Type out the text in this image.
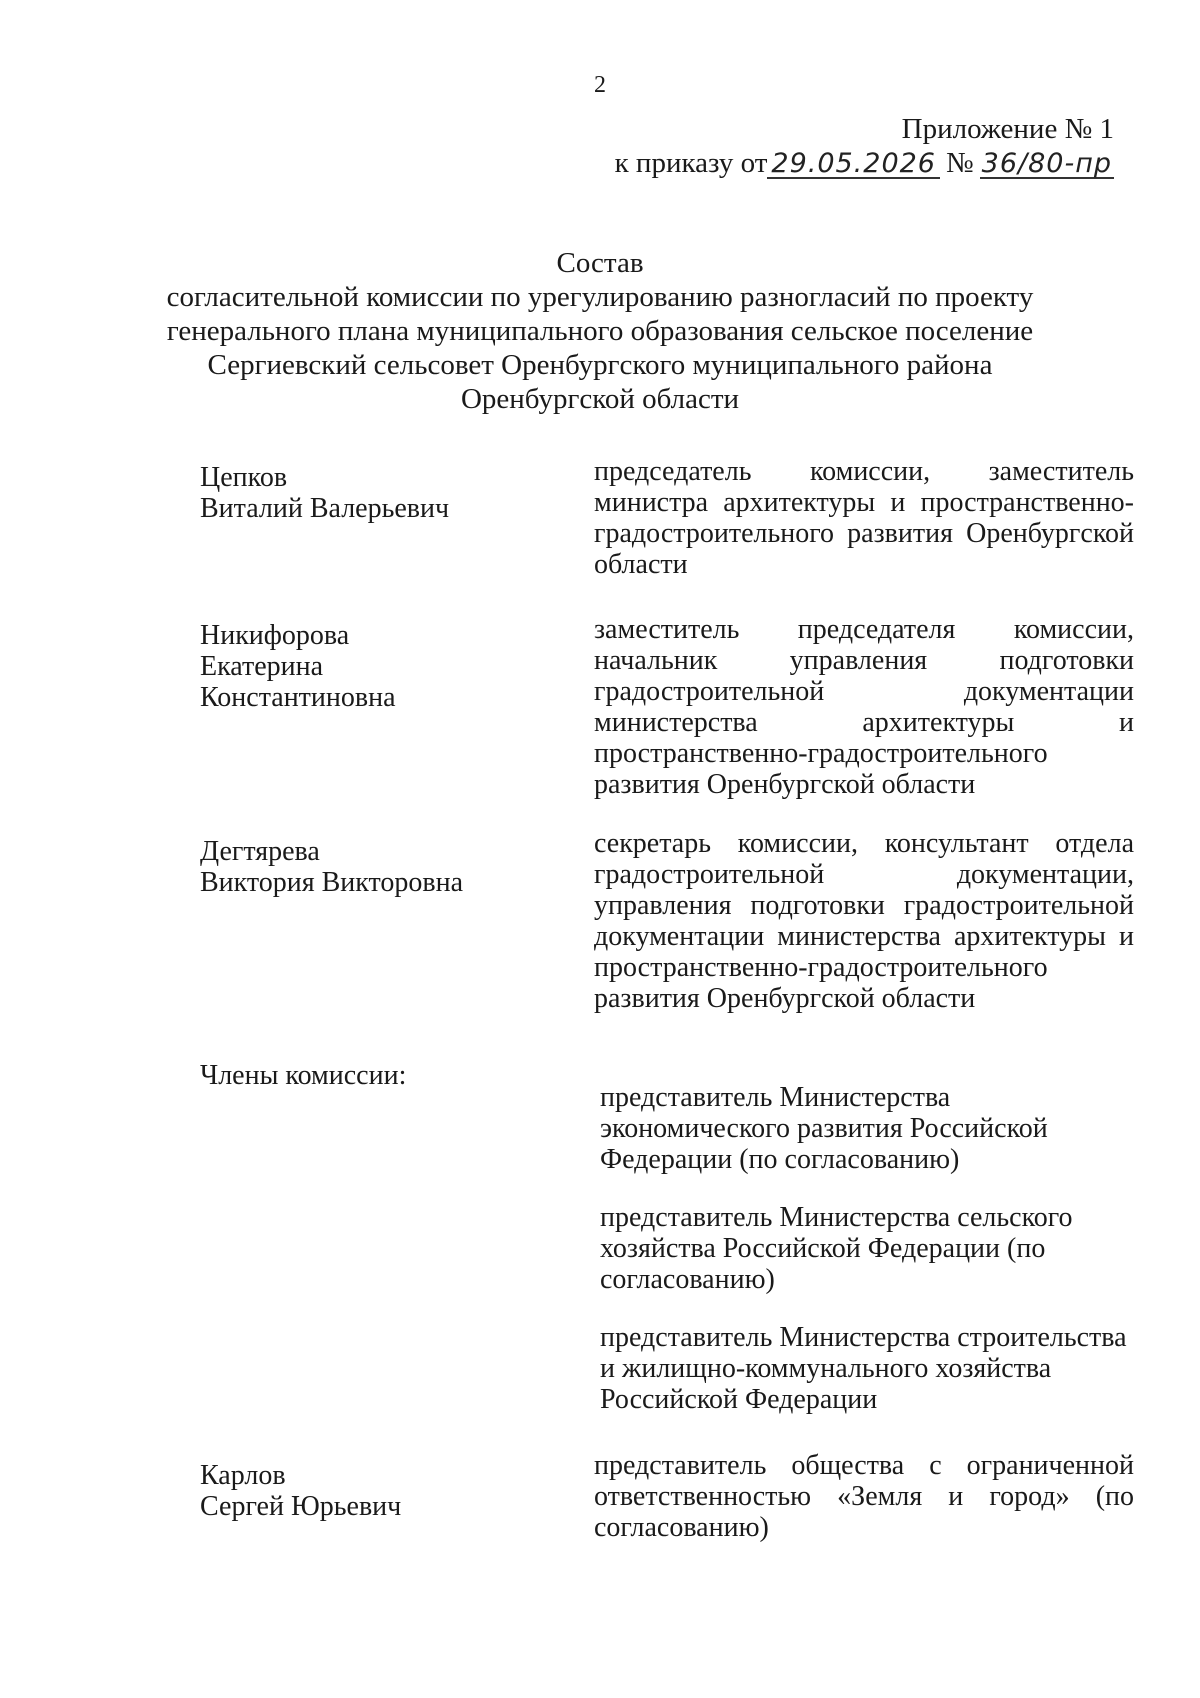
2
Приложение № 1
к приказу от 29.05.2026 № 36/80-пр
Состав
согласительной комиссии по урегулированию разногласий по проекту
генерального плана муниципального образования сельское поселение
Сергиевский сельсовет Оренбургского муниципального района
Оренбургской области
Цепков
Виталий Валерьевич
председатель комиссии, заместитель министра архитектуры и пространственно-градостроительного развития Оренбургской области
Никифорова
Екатерина
Константиновна
заместитель председателя комиссии, начальник управления подготовки градостроительной документации министерства архитектуры и пространственно-градостроительного развития Оренбургской области
Дегтярева
Виктория Викторовна
секретарь комиссии, консультант отдела градостроительной документации, управления подготовки градостроительной документации министерства архитектуры и пространственно-градостроительного развития Оренбургской области
Члены комиссии:
представитель Министерства экономического развития Российской Федерации (по согласованию)
представитель Министерства сельского хозяйства Российской Федерации (по согласованию)
представитель Министерства строительства и жилищно-коммунального хозяйства Российской Федерации
Карлов
Сергей Юрьевич
представитель общества с ограниченной ответственностью «Земля и город» (по согласованию)
